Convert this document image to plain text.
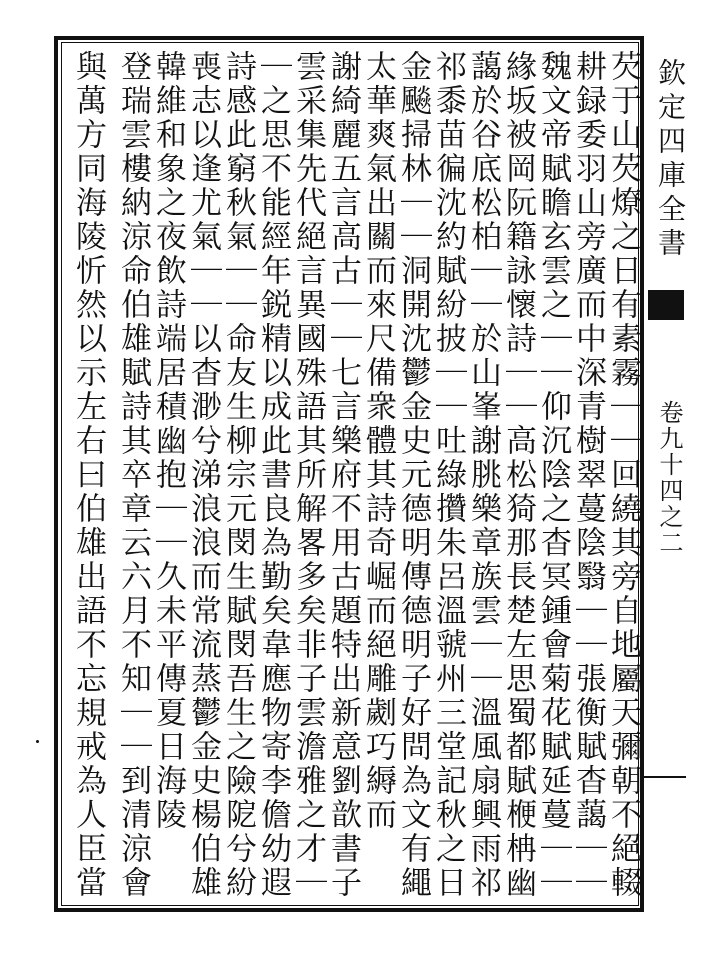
欽定四庫全書
卷九十四之二
芡于山芡燎之日有素霧｜｜回繞其旁自地屬天彌朝不絕輟
耕録委羽山旁廣而中深青樹翠蔓陰翳｜｜張衡賦杳藹｜｜
魏文帝賦瞻玄雲之｜｜仰沉陰之杳冥鍾會菊花賦延蔓｜｜
緣坂被岡阮籍詠懷詩｜｜高松猗那長楚左思蜀都賦楩柟幽
藹於谷底松柏｜｜於山峯謝朓樂章族雲｜｜溫風扇興雨祁
祁黍苗徧沈約賦紛披｜｜吐綠攢朱呂溫虢州三堂記秋之日
金飈掃林｜｜洞開沈鬱金史元德明傳德明子好問為文有繩
太華爽氣出關而來尺備衆體其詩奇崛而絕雕劌巧縟而
謝綺麗五言高古｜｜七言樂府不用古題特出新意劉歆書子
雲采集先代絕言異國殊語其所解畧多矣非子雲澹雅之才｜
｜之思不能經年鋭精以成此書良為勤矣韋應物寄李儋幼遐
詩感此窮秋氣｜｜命友生柳宗元閔生賦閔吾生之險阸兮紛
喪志以逢尤氣｜｜以杳渺兮涕浪浪而常流蒸鬱金史楊伯雄
韓維和象之夜飲詩端居積幽抱｜｜久未平傳夏日海陵
登瑞雲樓納涼命伯雄賦詩其卒章云六月不知｜｜到清涼會
與萬方同海陵忻然以示左右曰伯雄出語不忘規戒為人臣當
